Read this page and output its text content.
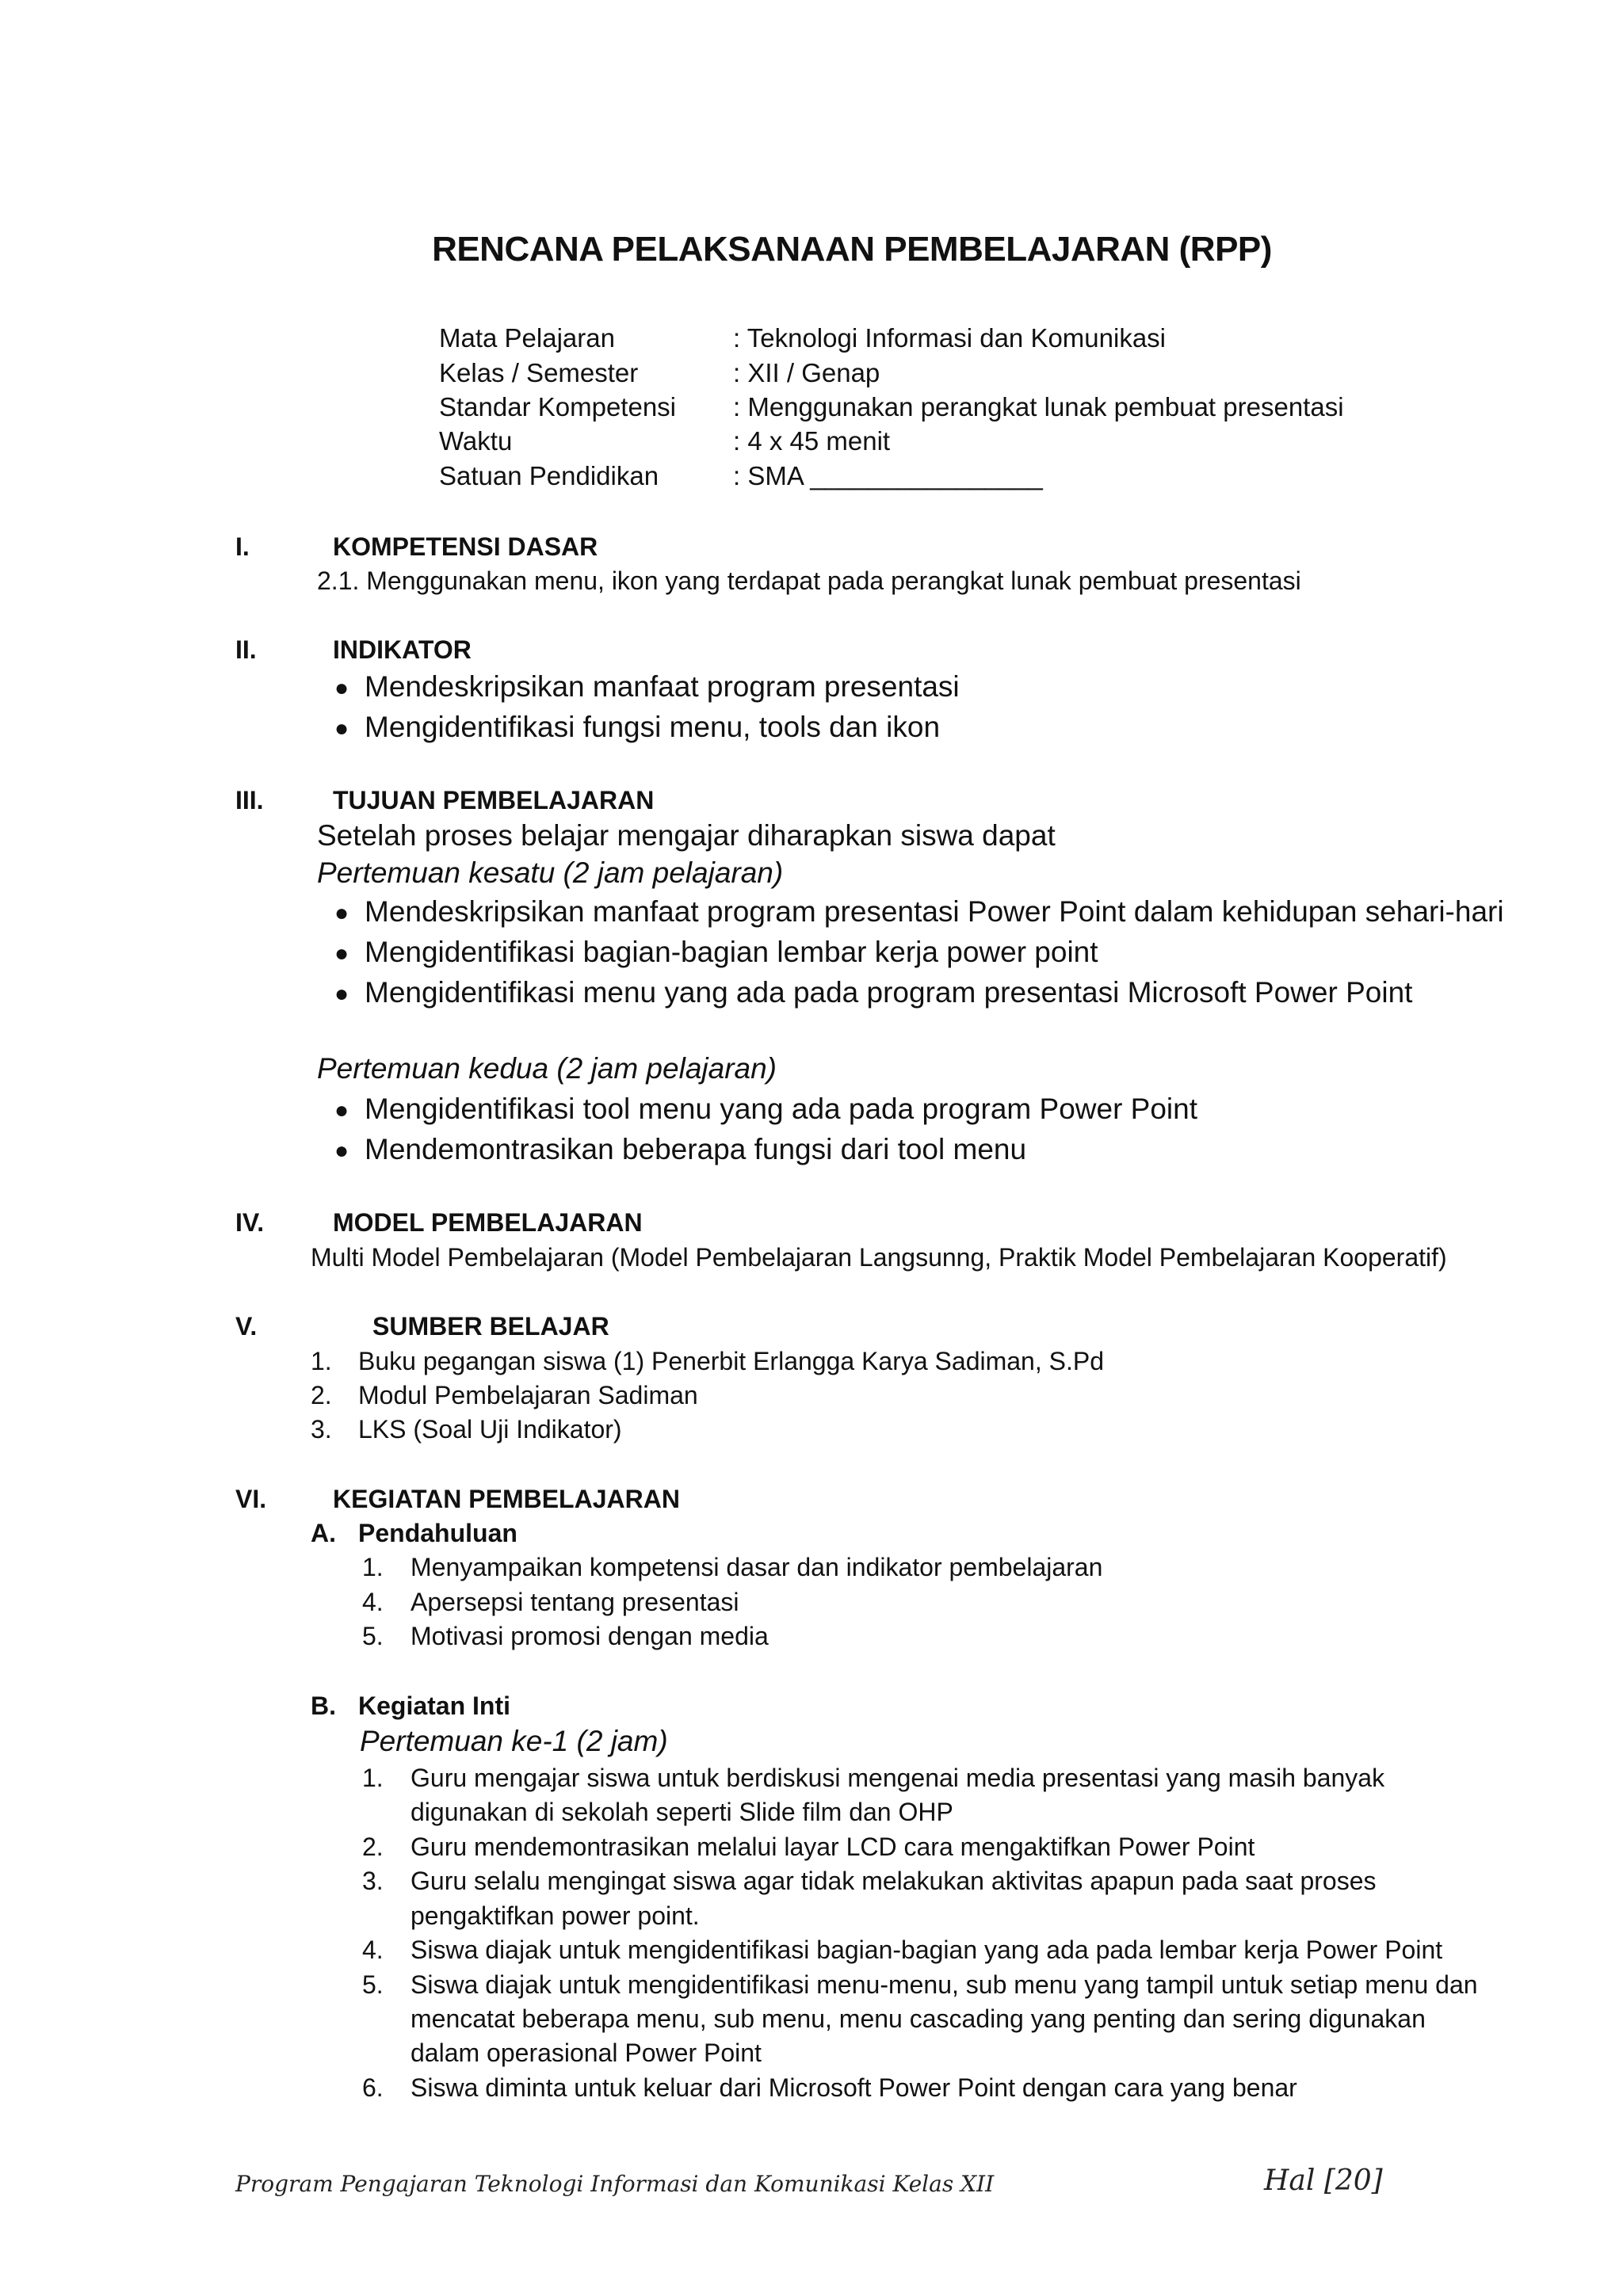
RENCANA PELAKSANAAN PEMBELAJARAN (RPP)
Mata Pelajaran	: Teknologi Informasi dan Komunikasi
Kelas / Semester	: XII / Genap
Standar Kompetensi : Menggunakan perangkat lunak pembuat presentasi
Waktu	: 4 x 45 menit
Satuan Pendidikan	: SMA ________________
I.	KOMPETENSI DASAR
2.1. Menggunakan menu, ikon yang terdapat pada perangkat lunak pembuat presentasi
II.	INDIKATOR
● Mendeskripsikan manfaat program presentasi
● Mengidentifikasi fungsi menu, tools dan ikon
III.	TUJUAN PEMBELAJARAN
Setelah proses belajar mengajar diharapkan siswa dapat
Pertemuan kesatu (2 jam pelajaran)
● Mendeskripsikan manfaat program presentasi Power Point dalam kehidupan sehari-hari
● Mengidentifikasi bagian-bagian lembar kerja power point
● Mengidentifikasi menu yang ada pada program presentasi Microsoft Power Point
Pertemuan kedua (2 jam pelajaran)
● Mengidentifikasi tool menu yang ada pada program Power Point
● Mendemontrasikan beberapa fungsi dari tool menu
IV.	MODEL PEMBELAJARAN
Multi Model Pembelajaran (Model Pembelajaran Langsunng, Praktik Model Pembelajaran Kooperatif)
V.	SUMBER BELAJAR
1. Buku pegangan siswa (1) Penerbit Erlangga Karya Sadiman, S.Pd
2. Modul Pembelajaran Sadiman
3. LKS (Soal Uji Indikator)
VI.	KEGIATAN PEMBELAJARAN
A. Pendahuluan
1. Menyampaikan kompetensi dasar dan indikator pembelajaran
4. Apersepsi tentang presentasi
5. Motivasi promosi dengan media
B. Kegiatan Inti
Pertemuan ke-1 (2 jam)
1. Guru mengajar siswa untuk berdiskusi mengenai media presentasi yang masih banyak
digunakan di sekolah seperti Slide film dan OHP
2. Guru mendemontrasikan melalui layar LCD cara mengaktifkan Power Point
3. Guru selalu mengingat siswa agar tidak melakukan aktivitas apapun pada saat proses
pengaktifkan power point.
4. Siswa diajak untuk mengidentifikasi bagian-bagian yang ada pada lembar kerja Power Point
5. Siswa diajak untuk mengidentifikasi menu-menu, sub menu yang tampil untuk setiap menu dan
mencatat beberapa menu, sub menu, menu cascading yang penting dan sering digunakan
dalam operasional Power Point
6. Siswa diminta untuk keluar dari Microsoft Power Point dengan cara yang benar
Program Pengajaran Teknologi Informasi dan Komunikasi Kelas XII	Hal [20]
